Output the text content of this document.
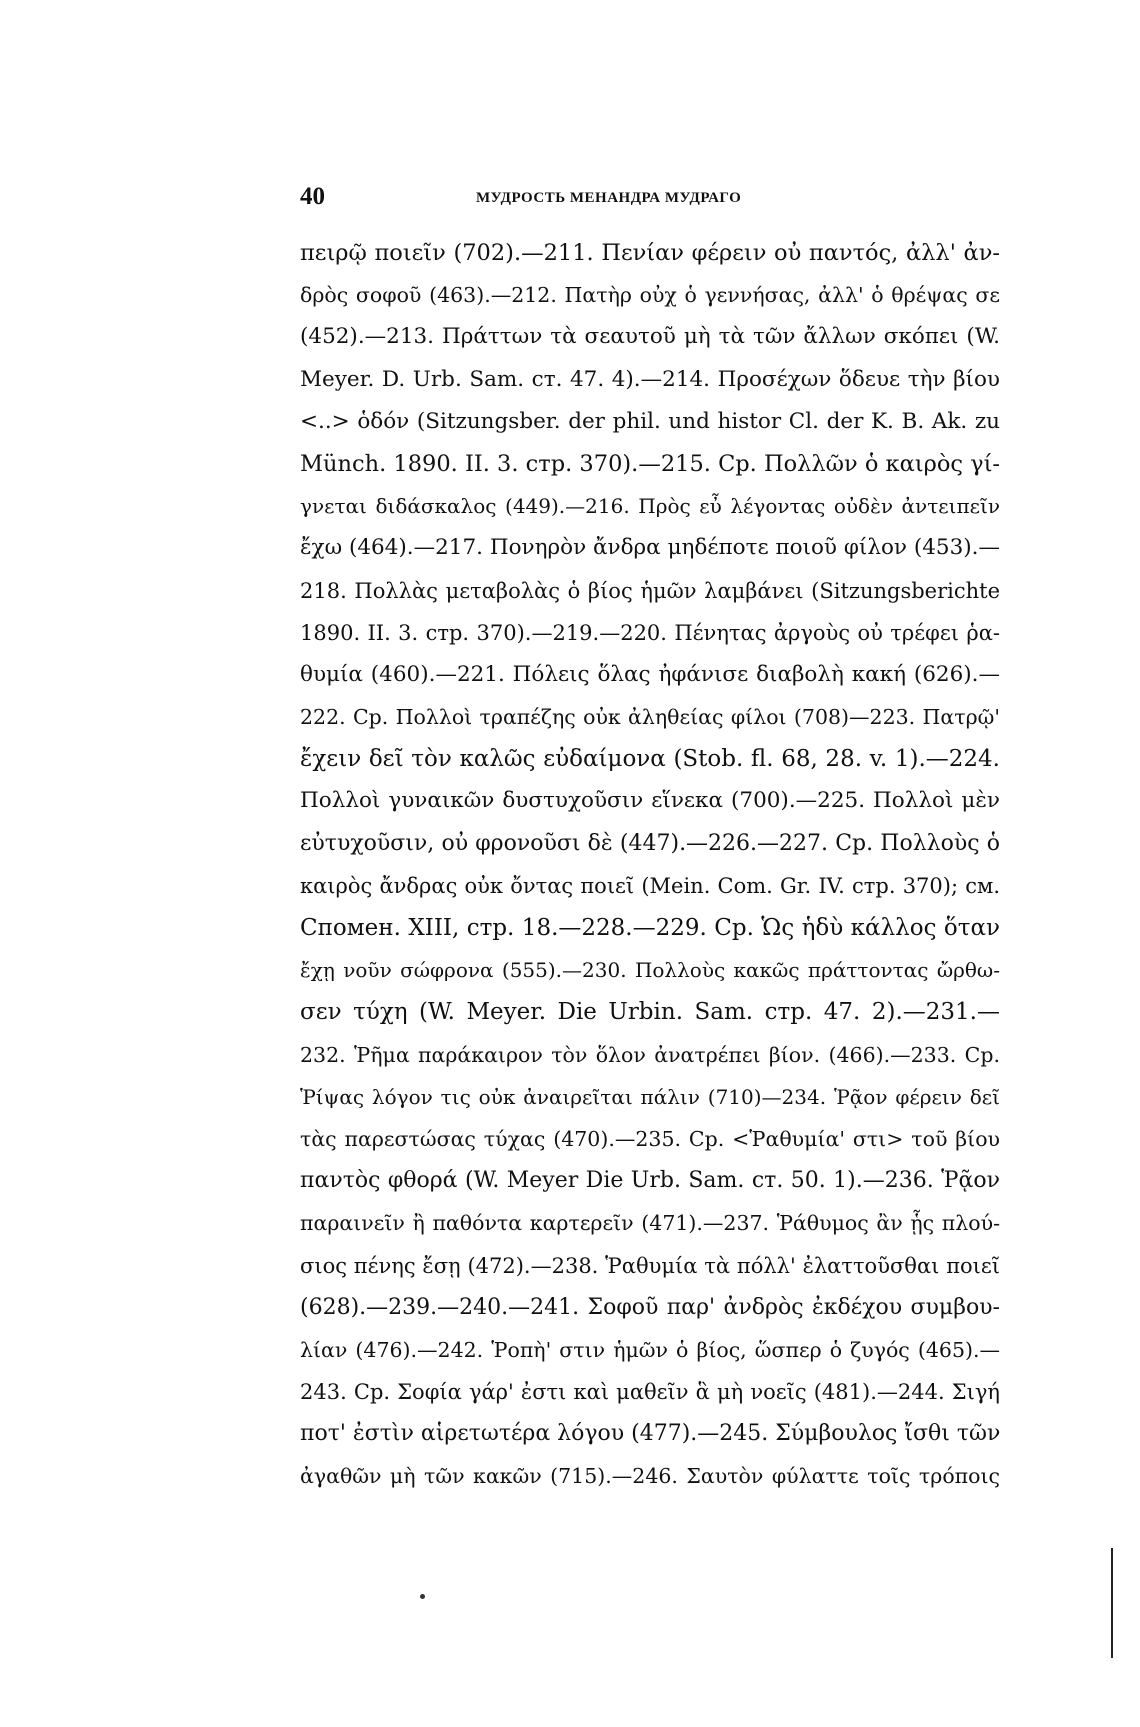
40	МУДРОСТЬ МЕНАНДРА МУДРАГО
πειρῷ ποιεῖν (702).—211. Πενίαν φέρειν οὐ παντός, ἀλλ' ἀν-
δρὸς σοφοῦ (463).—212. Πατὴρ οὐχ ὁ γεννήσας, ἀλλ' ὁ θρέψας σε
(452).—213. Πράττων τὰ σεαυτοῦ μὴ τὰ τῶν ἄλλων σκόπει (W.
Meyer. D. Urb. Sam. ст. 47. 4).—214. Προσέχων ὅδευε τὴν βίου
<..> ὁδόν (Sitzungsber. der phil. und histor Cl. der K. B. Ak. zu
Münch. 1890. II. 3. стр. 370).—215. Ср. Πολλῶν ὁ καιρὸς γί-
γνεται διδάσκαλος (449).—216. Πρὸς εὖ λέγοντας οὐδὲν ἀντειπεῖν
ἔχω (464).—217. Πονηρὸν ἄνδρα μηδέποτε ποιοῦ φίλον (453).—
218. Πολλὰς μεταβολὰς ὁ βίος ἡμῶν λαμβάνει (Sitzungsberichte
1890. II. 3. стр. 370).—219.—220. Πένητας ἀργοὺς οὐ τρέφει ῥα-
θυμία (460).—221. Πόλεις ὅλας ἠφάνισε διαβολὴ κακή (626).—
222. Ср. Πολλοὶ τραπέζης οὐκ ἀληθείας φίλοι (708)—223. Πατρῷ'
ἔχειν δεῖ τὸν καλῶς εὐδαίμονα (Stob. fl. 68, 28. v. 1).—224.
Πολλοὶ γυναικῶν δυστυχοῦσιν εἵνεκα (700).—225. Πολλοὶ μὲν
εὐτυχοῦσιν, οὐ φρονοῦσι δὲ (447).—226.—227. Ср. Πολλοὺς ὁ
καιρὸς ἄνδρας οὐκ ὄντας ποιεῖ (Mein. Com. Gr. IV. стр. 370); см.
Спомен. XIII, стр. 18.—228.—229. Ср. Ὡς ἡδὺ κάλλος ὅταν
ἔχῃ νοῦν σώφρονα (555).—230. Πολλοὺς κακῶς πράττοντας ὤρθω-
σεν τύχη (W. Meyer. Die Urbin. Sam. стр. 47. 2).—231.—
232. Ῥῆμα παράκαιρον τὸν ὅλον ἀνατρέπει βίον. (466).—233. Ср.
Ῥίψας λόγον τις οὐκ ἀναιρεῖται πάλιν (710)—234. Ῥᾷον φέρειν δεῖ
τὰς παρεστώσας τύχας (470).—235. Ср. <Ῥαθυμία' στι> τοῦ βίου
παντὸς φθορά (W. Meyer Die Urb. Sam. ст. 50. 1).—236. Ῥᾷον
παραινεῖν ἢ παθόντα καρτερεῖν (471).—237. Ῥάθυμος ἂν ᾗς πλού-
σιος πένης ἔσῃ (472).—238. Ῥαθυμία τὰ πόλλ' ἐλαττοῦσθαι ποιεῖ
(628).—239.—240.—241. Σοφοῦ παρ' ἀνδρὸς ἐκδέχου συμβου-
λίαν (476).—242. Ῥοπὴ' στιν ἡμῶν ὁ βίος, ὥσπερ ὁ ζυγός (465).—
243. Ср. Σοφία γάρ' ἐστι καὶ μαθεῖν ἃ μὴ νοεῖς (481).—244. Σιγή
ποτ' ἐστὶν αἱρετωτέρα λόγου (477).—245. Σύμβουλος ἴσθι τῶν
ἀγαθῶν μὴ τῶν κακῶν (715).—246. Σαυτὸν φύλαττε τοῖς τρόποις
